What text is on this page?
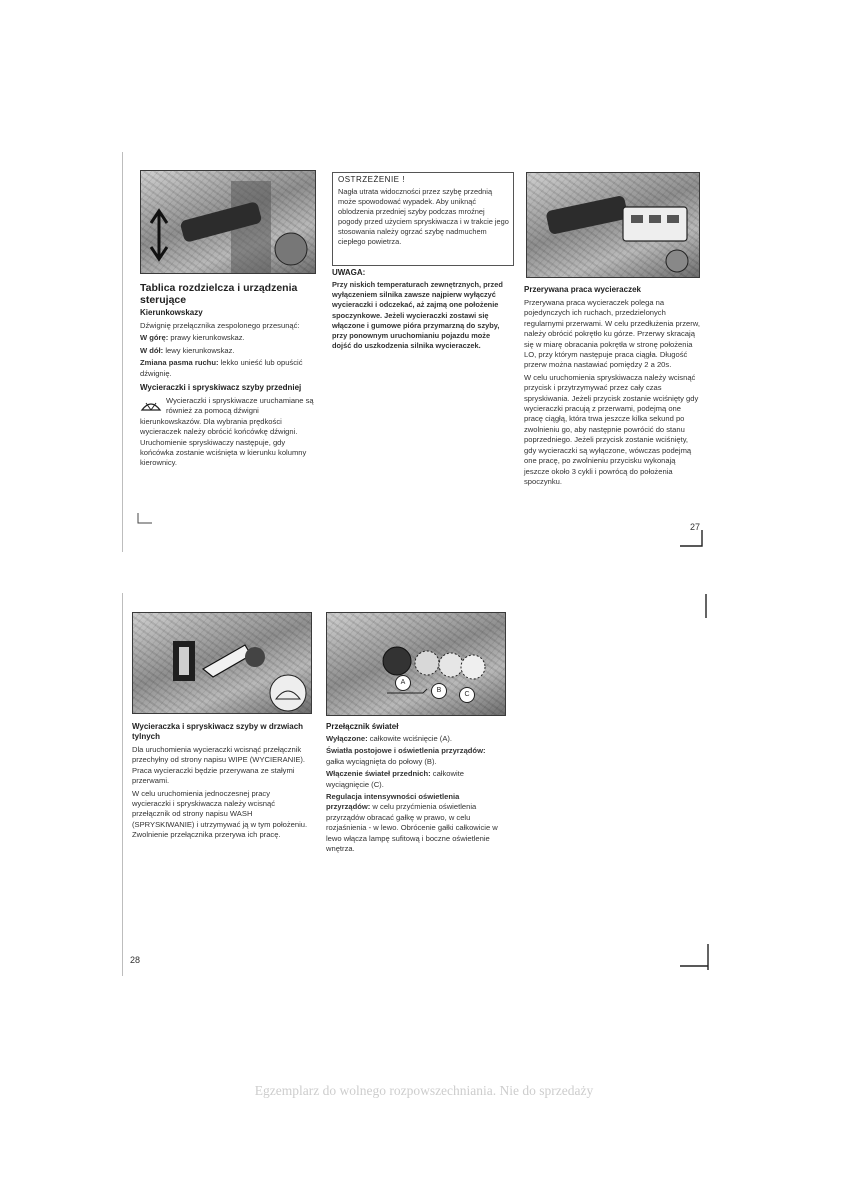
Tablica rozdzielcza i urządzenia sterujące
Kierunkowskazy

Dźwignię przełącznika zespolonego przesunąć:

W górę: prawy kierunkowskaz.

W dół: lewy kierunkowskaz.

Zmiana pasma ruchu: lekko unieść lub opuścić dźwignię.

Wycieraczki i spryskiwacz szyby przedniej

Wycieraczki i spryskiwacze uruchamiane są również za pomocą dźwigni kierunkowskazów. Dla wybrania prędkości wycieraczek należy obrócić końcówkę dźwigni. Uruchomienie spryskiwaczy następuje, gdy końcówka zostanie wciśnięta w kierunku kolumny kierownicy.

OSTRZEŻENIE !

Nagła utrata widoczności przez szybę przednią może spowodować wypadek. Aby uniknąć oblodzenia przedniej szyby podczas mroźnej pogody przed użyciem spryskiwacza i w trakcie jego stosowania należy ogrzać szybę nadmuchem ciepłego powietrza.

UWAGA:

Przy niskich temperaturach zewnętrznych, przed wyłączeniem silnika zawsze najpierw wyłączyć wycieraczki i odczekać, aż zajmą one położenie spoczynkowe. Jeżeli wycieraczki zostawi się włączone i gumowe pióra przymarzną do szyby, przy ponownym uruchomianiu pojazdu może dojść do uszkodzenia silnika wycieraczek.

Przerywana praca wycieraczek

Przerywana praca wycieraczek polega na pojedynczych ich ruchach, przedzielonych regularnymi przerwami. W celu przedłużenia przerw, należy obrócić pokrętło ku górze. Przerwy skracają się w miarę obracania pokrętła w stronę położenia LO, przy którym następuje praca ciągła. Długość przerw można nastawiać pomiędzy 2 a 20s.

W celu uruchomienia spryskiwacza należy wcisnąć przycisk i przytrzymywać przez cały czas spryskiwania. Jeżeli przycisk zostanie wciśnięty gdy wycieraczki pracują z przerwami, podejmą one pracę ciągłą, która trwa jeszcze kilka sekund po zwolnieniu go, aby następnie powrócić do stanu poprzedniego. Jeżeli przycisk zostanie wciśnięty, gdy wycieraczki są wyłączone, wówczas podejmą one pracę, po zwolnieniu przycisku wykonają jeszcze około 3 cykli i powrócą do położenia spoczynku.

27
A
B
C
Wycieraczka i spryskiwacz szyby w drzwiach tylnych

Dla uruchomienia wycieraczki wcisnąć przełącznik przechyłny od strony napisu WIPE (WYCIERANIE). Praca wycieraczki będzie przerywana ze stałymi przerwami.

W celu uruchomienia jednoczesnej pracy wycieraczki i spryskiwacza należy wcisnąć przełącznik od strony napisu WASH (SPRYSKIWANIE) i utrzymywać ją w tym położeniu. Zwolnienie przełącznika przerywa ich pracę.

Przełącznik świateł

Wyłączone: całkowite wciśnięcie (A).

Światła postojowe i oświetlenia przyrządów: gałka wyciągnięta do połowy (B).

Włączenie świateł przednich: całkowite wyciągnięcie (C).

Regulacja intensywności oświetlenia przyrządów: w celu przyćmienia oświetlenia przyrządów obracać gałkę w prawo, w celu rozjaśnienia - w lewo. Obrócenie gałki całkowicie w lewo włącza lampę sufitową i boczne oświetlenie wnętrza.

28
Egzemplarz do wolnego rozpowszechniania. Nie do sprzedaży
